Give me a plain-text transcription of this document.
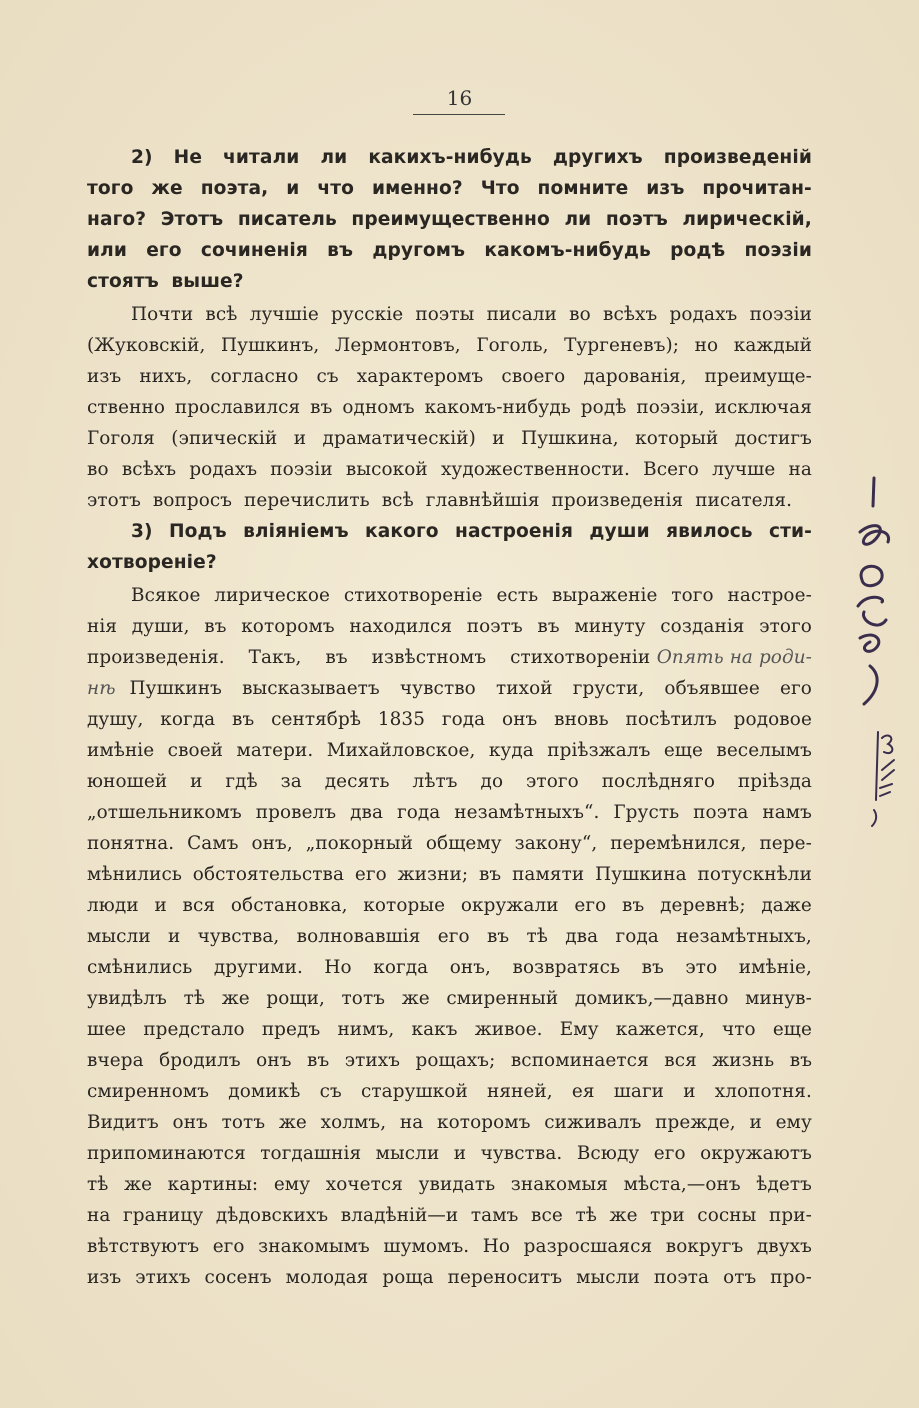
16
2) Не читали ли какихъ-нибудь другихъ произведеній
того же поэта, и что именно? Что помните изъ прочитан-
наго? Этотъ писатель преимущественно ли поэтъ лирическій,
или его сочиненія въ другомъ какомъ-нибудь родѣ поэзіи
стоятъ выше?
Почти всѣ лучшіе русскіе поэты писали во всѣхъ родахъ поэзіи
(Жуковскій, Пушкинъ, Лермонтовъ, Гоголь, Тургеневъ); но каждый
изъ нихъ, согласно съ характеромъ своего дарованія, преимуще-
ственно прославился въ одномъ какомъ-нибудь родѣ поэзіи, исключая
Гоголя (эпическій и драматическій) и Пушкина, который достигъ
во всѣхъ родахъ поэзіи высокой художественности. Всего лучше на
этотъ вопросъ перечислить всѣ главнѣйшія произведенія писателя.
3) Подъ вліяніемъ какого настроенія души явилось сти-
хотвореніе?
Всякое лирическое стихотвореніе есть выраженіе того настрое-
нія души, въ которомъ находился поэтъ въ минуту созданія этого
произведенія. Такъ, въ извѣстномъ стихотвореніи Опять на роди-
нѣ Пушкинъ высказываетъ чувство тихой грусти, объявшее его
душу, когда въ сентябрѣ 1835 года онъ вновь посѣтилъ родовое
имѣніе своей матери. Михайловское, куда пріѣзжалъ еще веселымъ
юношей и гдѣ за десять лѣтъ до этого послѣдняго пріѣзда
„отшельникомъ провелъ два года незамѣтныхъ“. Грусть поэта намъ
понятна. Самъ онъ, „покорный общему закону“, перемѣнился, пере-
мѣнились обстоятельства его жизни; въ памяти Пушкина потускнѣли
люди и вся обстановка, которые окружали его въ деревнѣ; даже
мысли и чувства, волновавшія его въ тѣ два года незамѣтныхъ,
смѣнились другими. Но когда онъ, возвратясь въ это имѣніе,
увидѣлъ тѣ же рощи, тотъ же смиренный домикъ,—давно минув-
шее предстало предъ нимъ, какъ живое. Ему кажется, что еще
вчера бродилъ онъ въ этихъ рощахъ; вспоминается вся жизнь въ
смиренномъ домикѣ съ старушкой няней, ея шаги и хлопотня.
Видитъ онъ тотъ же холмъ, на которомъ сиживалъ прежде, и ему
припоминаются тогдашнія мысли и чувства. Всюду его окружаютъ
тѣ же картины: ему хочется увидать знакомыя мѣста,—онъ ѣдетъ
на границу дѣдовскихъ владѣній—и тамъ все тѣ же три сосны при-
вѣтствуютъ его знакомымъ шумомъ. Но разросшаяся вокругъ двухъ
изъ этихъ сосенъ молодая роща переноситъ мысли поэта отъ про-
